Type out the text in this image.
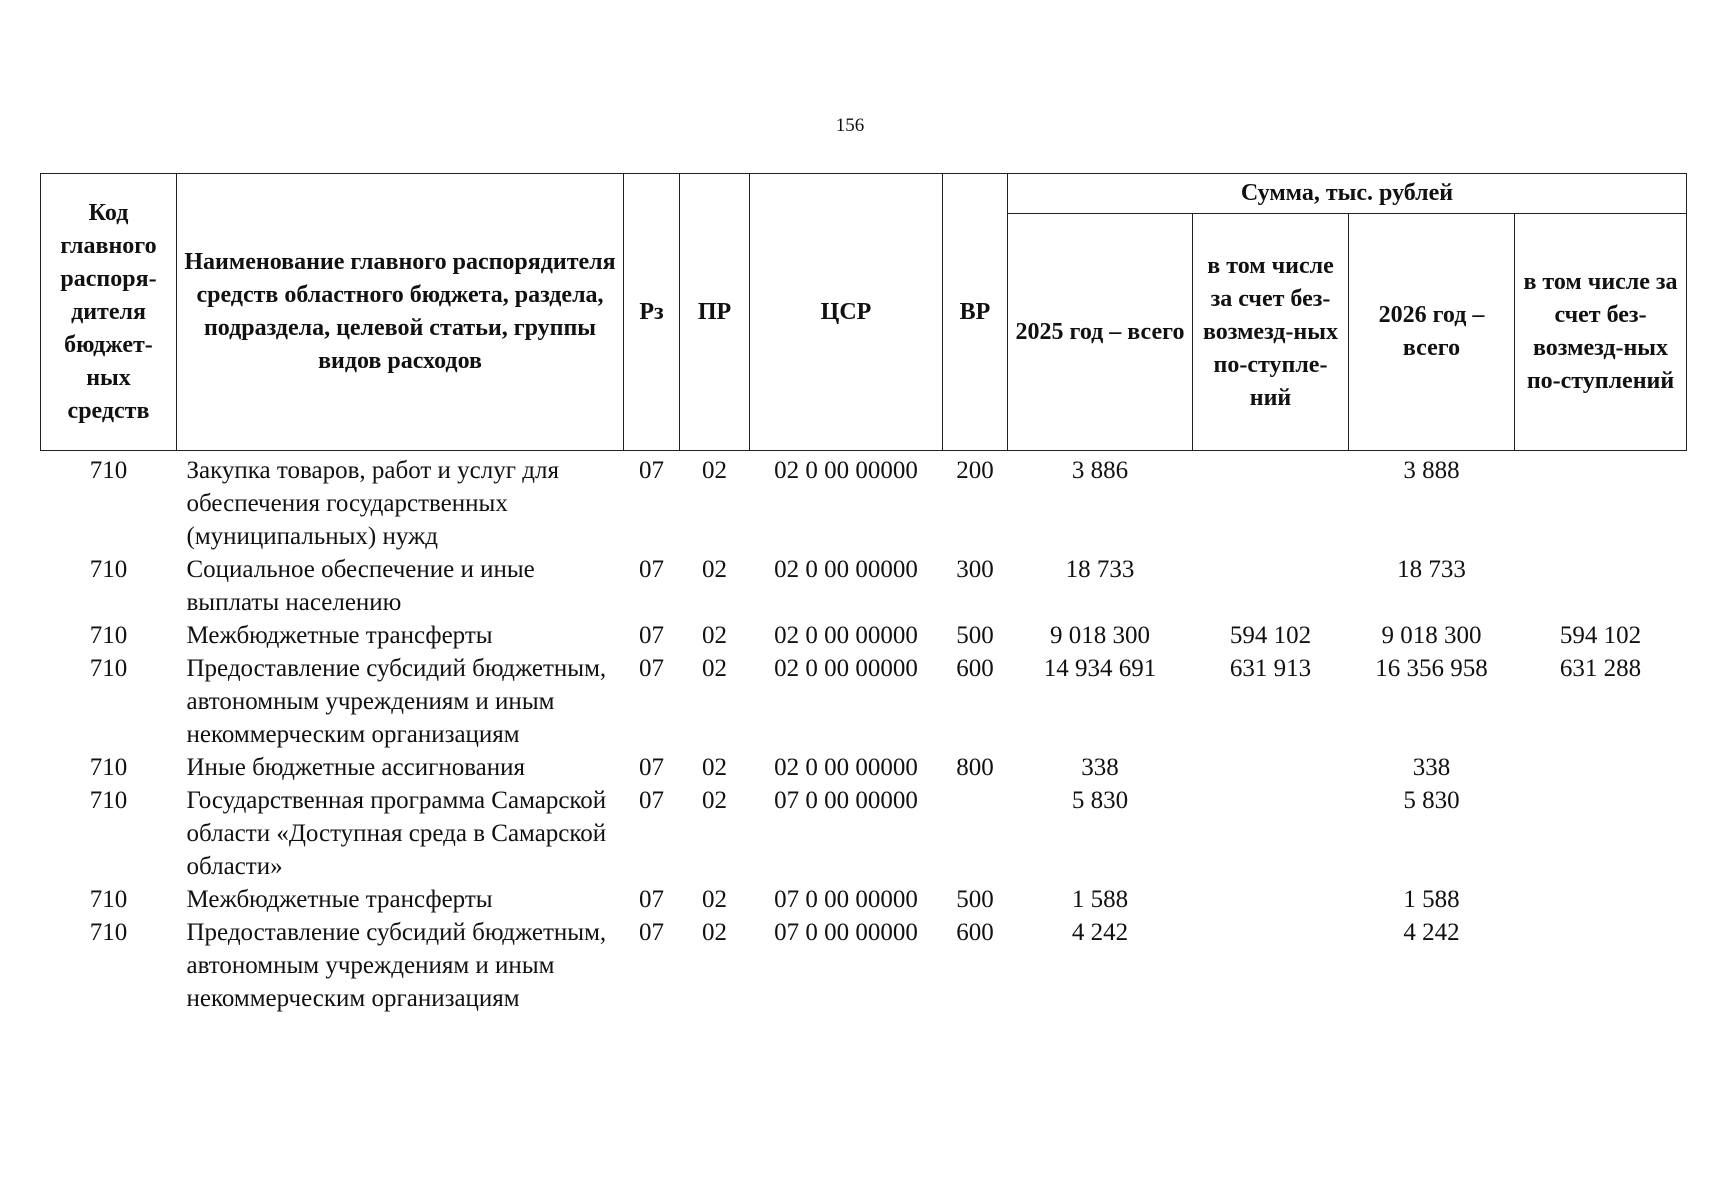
156
Код главного распоря-дителя бюджет-ных средств	Наименование главного распорядителя средств областного бюджета, раздела, подраздела, целевой статьи, группы видов расходов	Рз	ПР	ЦСР	ВР	Сумма, тыс. рублей			
						2025 год – всего	в том числе за счет без-возмезд-ных по-ступле-ний	2026 год – всего	в том числе за счет без-возмезд-ных по-ступлений
710	Закупка товаров, работ и услуг для обеспечения государственных (муниципальных) нужд	07	02	02 0 00 00000	200	3 886		3 888	
710	Социальное обеспечение и иные выплаты населению	07	02	02 0 00 00000	300	18 733		18 733	
710	Межбюджетные трансферты	07	02	02 0 00 00000	500	9 018 300	594 102	9 018 300	594 102
710	Предоставление субсидий бюджетным, автономным учреждениям и иным некоммерческим организациям	07	02	02 0 00 00000	600	14 934 691	631 913	16 356 958	631 288
710	Иные бюджетные ассигнования	07	02	02 0 00 00000	800	338		338	
710	Государственная программа Самарской области «Доступная среда в Самарской области»	07	02	07 0 00 00000		5 830		5 830	
710	Межбюджетные трансферты	07	02	07 0 00 00000	500	1 588		1 588	
710	Предоставление субсидий бюджетным, автономным учреждениям и иным некоммерческим организациям	07	02	07 0 00 00000	600	4 242		4 242	
